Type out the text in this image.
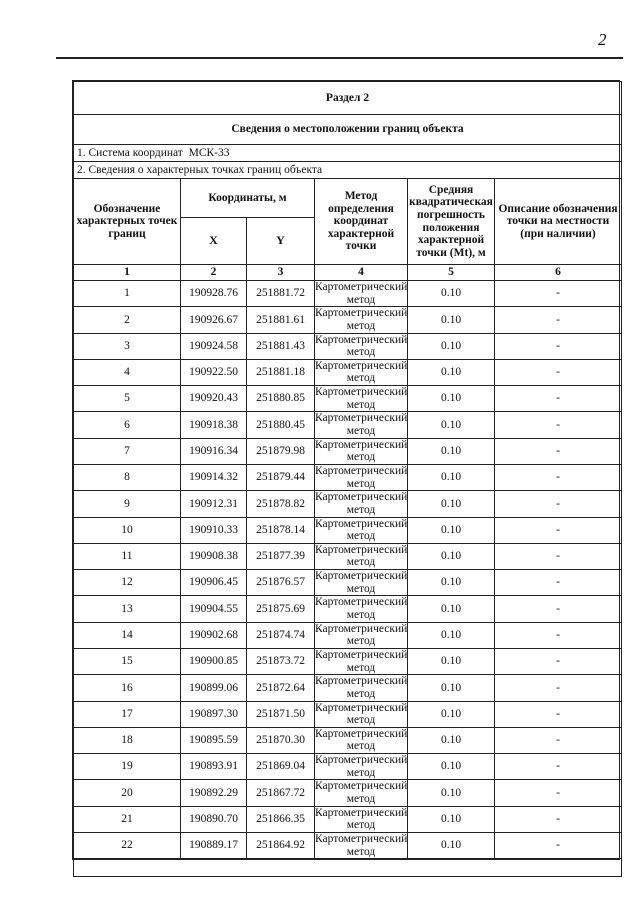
2
Раздел 2					
Сведения о местоположении границ объекта					
1. Система координат МСК-33					
2. Сведения о характерных точках границ объекта					
Обозначение характерных точек границ	Координаты, м		Метод определения координат характерной точки	Средняя квадратическая погрешность положения характерной точки (Mt), м	Описание обозначения точки на местности (при наличии)
	X	Y			
1	2	3	4	5	6
1	190928.76	251881.72	Картометрический метод	0.10	-
2	190926.67	251881.61	Картометрический метод	0.10	-
3	190924.58	251881.43	Картометрический метод	0.10	-
4	190922.50	251881.18	Картометрический метод	0.10	-
5	190920.43	251880.85	Картометрический метод	0.10	-
6	190918.38	251880.45	Картометрический метод	0.10	-
7	190916.34	251879.98	Картометрический метод	0.10	-
8	190914.32	251879.44	Картометрический метод	0.10	-
9	190912.31	251878.82	Картометрический метод	0.10	-
10	190910.33	251878.14	Картометрический метод	0.10	-
11	190908.38	251877.39	Картометрический метод	0.10	-
12	190906.45	251876.57	Картометрический метод	0.10	-
13	190904.55	251875.69	Картометрический метод	0.10	-
14	190902.68	251874.74	Картометрический метод	0.10	-
15	190900.85	251873.72	Картометрический метод	0.10	-
16	190899.06	251872.64	Картометрический метод	0.10	-
17	190897.30	251871.50	Картометрический метод	0.10	-
18	190895.59	251870.30	Картометрический метод	0.10	-
19	190893.91	251869.04	Картометрический метод	0.10	-
20	190892.29	251867.72	Картометрический метод	0.10	-
21	190890.70	251866.35	Картометрический метод	0.10	-
22	190889.17	251864.92	Картометрический метод	0.10	-
